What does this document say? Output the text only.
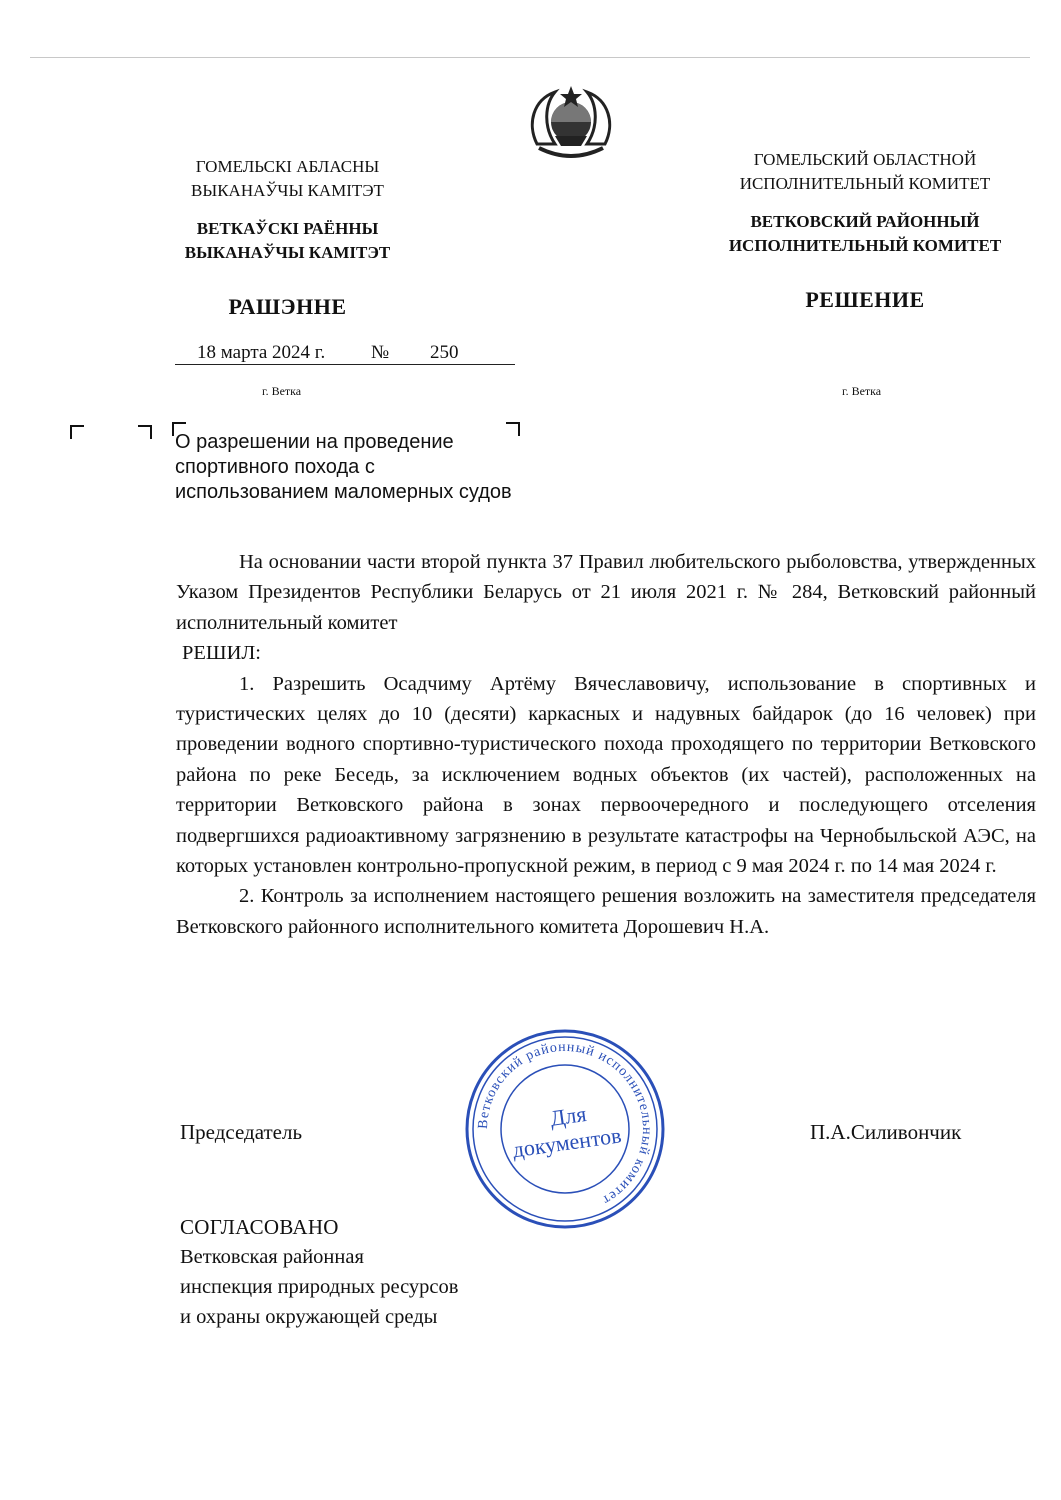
ГОМЕЛЬСКI АБЛАСНЫ
ВЫКАНАЎЧЫ КАМIТЭТ
ВЕТКАЎСКI РАЁННЫ
ВЫКАНАЎЧЫ КАМIТЭТ
РАШЭННЕ
ГОМЕЛЬСКИЙ ОБЛАСТНОЙ
ИСПОЛНИТЕЛЬНЫЙ КОМИТЕТ
ВЕТКОВСКИЙ РАЙОННЫЙ
ИСПОЛНИТЕЛЬНЫЙ КОМИТЕТ
РЕШЕНИЕ
18 марта 2024 г. № 250
г. Ветка	г. Ветка
О разрешении на проведение
спортивного похода с
использованием маломерных судов

На основании части второй пункта 37 Правил любительского рыболовства, утвержденных Указом Президентов Республики Беларусь от 21 июля 2021 г. № 284, Ветковский районный исполнительный комитет

РЕШИЛ:

1. Разрешить Осадчиму Артёму Вячеславовичу, использование в спортивных и туристических целях до 10 (десяти) каркасных и надувных байдарок (до 16 человек) при проведении водного спортивно-туристического похода проходящего по территории Ветковского района по реке Беседь, за исключением водных объектов (их частей), расположенных на территории Ветковского района в зонах первоочередного и последующего отселения подвергшихся радиоактивному загрязнению в результате катастрофы на Чернобыльской АЭС, на которых установлен контрольно-пропускной режим, в период с 9 мая 2024 г. по 14 мая 2024 г.

2. Контроль за исполнением настоящего решения возложить на заместителя председателя Ветковского районного исполнительного комитета Дорошевич Н.А.

Председатель	П.А.Силивончик
Ветковский районный исполнительный комитет
Для
документов
СОГЛАСОВАНО
Ветковская районная
инспекция природных ресурсов
и охраны окружающей среды
